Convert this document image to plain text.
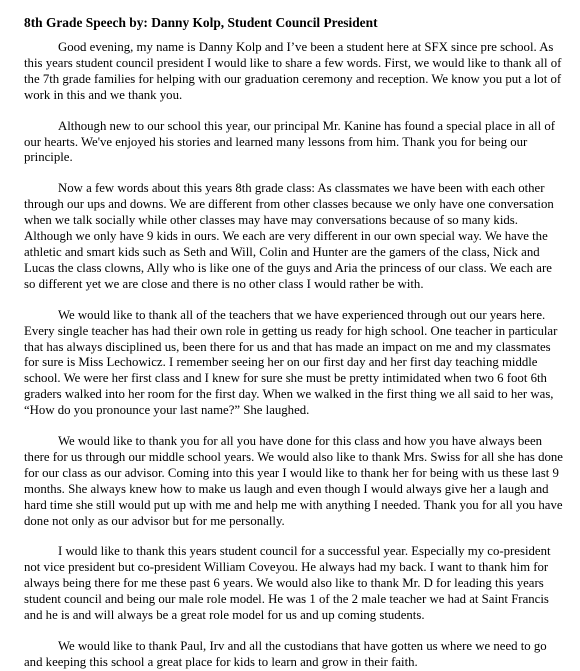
8th Grade Speech by: Danny Kolp, Student Council President

Good evening, my name is Danny Kolp and I’ve been a student here at SFX since pre school. As this years student council president I would like to share a few words. First, we would like to thank all of the 7th grade families for helping with our graduation ceremony and reception. We know you put a lot of work in this and we thank you.

Although new to our school this year, our principal Mr. Kanine has found a special place in all of our hearts. We've enjoyed his stories and learned many lessons from him. Thank you for being our principle.

Now a few words about this years 8th grade class: As classmates we have been with each other through our ups and downs. We are different from other classes because we only have one conversation when we talk socially while other classes may have may conversations because of so many kids. Although we only have 9 kids in ours. We each are very different in our own special way. We have the athletic and smart kids such as Seth and Will, Colin and Hunter are the gamers of the class, Nick and Lucas the class clowns, Ally who is like one of the guys and Aria the princess of our class. We each are so different yet we are close and there is no other class I would rather be with.

We would like to thank all of the teachers that we have experienced through out our years here. Every single teacher has had their own role in getting us ready for high school. One teacher in particular that has always disciplined us, been there for us and that has made an impact on me and my classmates for sure is Miss Lechowicz. I remember seeing her on our first day and her first day teaching middle school. We were her first class and I knew for sure she must be pretty intimidated when two 6 foot 6th graders walked into her room for the first day. When we walked in the first thing we all said to her was, “How do you pronounce your last name?” She laughed.

We would like to thank you for all you have done for this class and how you have always been there for us through our middle school years. We would also like to thank Mrs. Swiss for all she has done for our class as our advisor. Coming into this year I would like to thank her for being with us these last 9 months. She always knew how to make us laugh and even though I would always give her a laugh and hard time she still would put up with me and help me with anything I needed. Thank you for all you have done not only as our advisor but for me personally.

I would like to thank this years student council for a successful year. Especially my co-president not vice president but co-president William Coveyou. He always had my back. I want to thank him for always being there for me these past 6 years. We would also like to thank Mr. D for leading this years student council and being our male role model. He was 1 of the 2 male teacher we had at Saint Francis and he is and will always be a great role model for us and up coming students.

We would like to thank Paul, Irv and all the custodians that have gotten us where we need to go and keeping this school a great place for kids to learn and grow in their faith.
